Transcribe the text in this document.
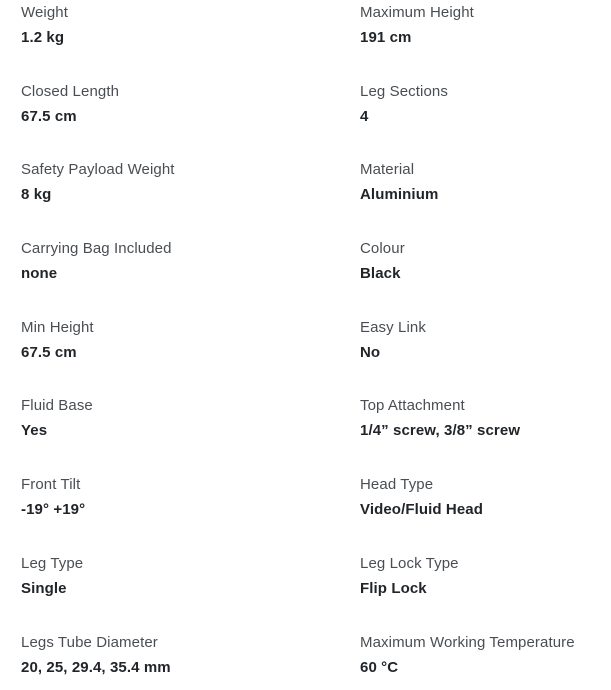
Weight
1.2 kg
Maximum Height
191 cm
Closed Length
67.5 cm
Leg Sections
4
Safety Payload Weight
8 kg
Material
Aluminium
Carrying Bag Included
none
Colour
Black
Min Height
67.5 cm
Easy Link
No
Fluid Base
Yes
Top Attachment
1/4” screw, 3/8” screw
Front Tilt
-19° +19°
Head Type
Video/Fluid Head
Leg Type
Single
Leg Lock Type
Flip Lock
Legs Tube Diameter
20, 25, 29.4, 35.4 mm
Maximum Working Temperature
60 °C
